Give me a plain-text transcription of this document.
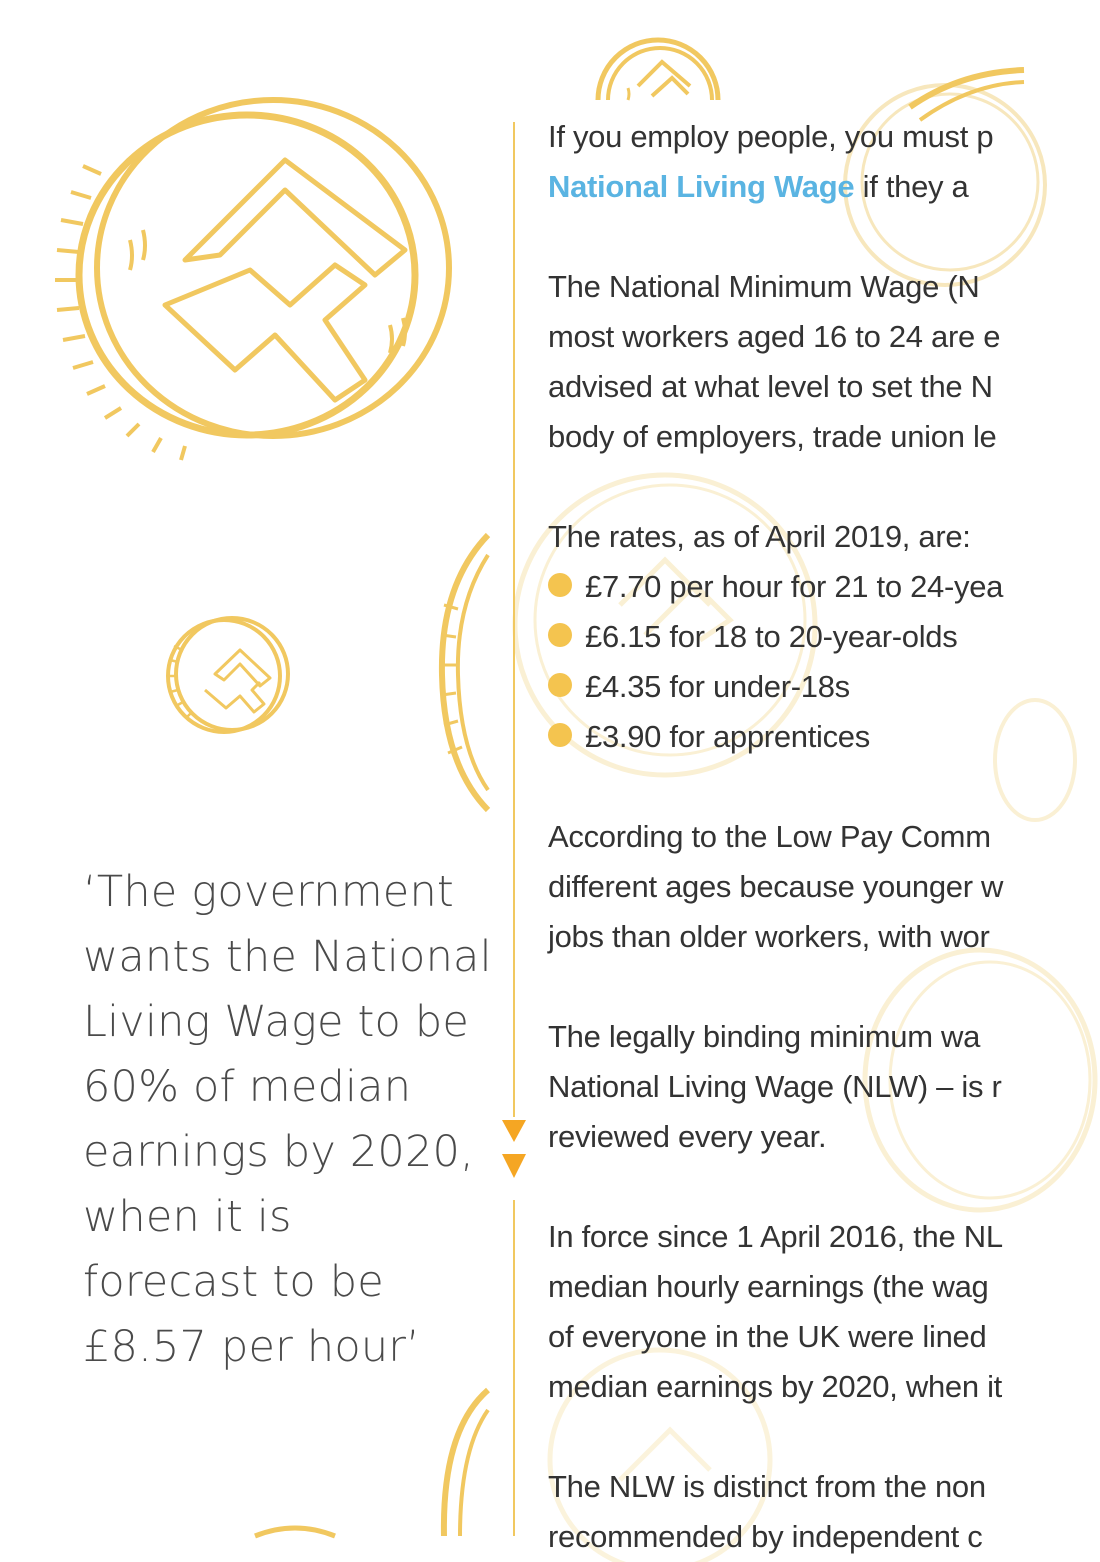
‘The government
wants the National
Living Wage to be
60% of median
earnings by 2020,
when it is
forecast to be
£8.57 per hour’
If you employ people, you must p
National Living Wage if they a
The National Minimum Wage (N
most workers aged 16 to 24 are e
advised at what level to set the N
body of employers, trade union le
The rates, as of April 2019, are:
£7.70 per hour for 21 to 24-yea
£6.15 for 18 to 20-year-olds
£4.35 for under-18s
£3.90 for apprentices
According to the Low Pay Comm
different ages because younger w
jobs than older workers, with wor
The legally binding minimum wa
National Living Wage (NLW) – is r
reviewed every year.
In force since 1 April 2016, the NL
median hourly earnings (the wag
of everyone in the UK were lined
median earnings by 2020, when it
The NLW is distinct from the non
recommended by independent c
